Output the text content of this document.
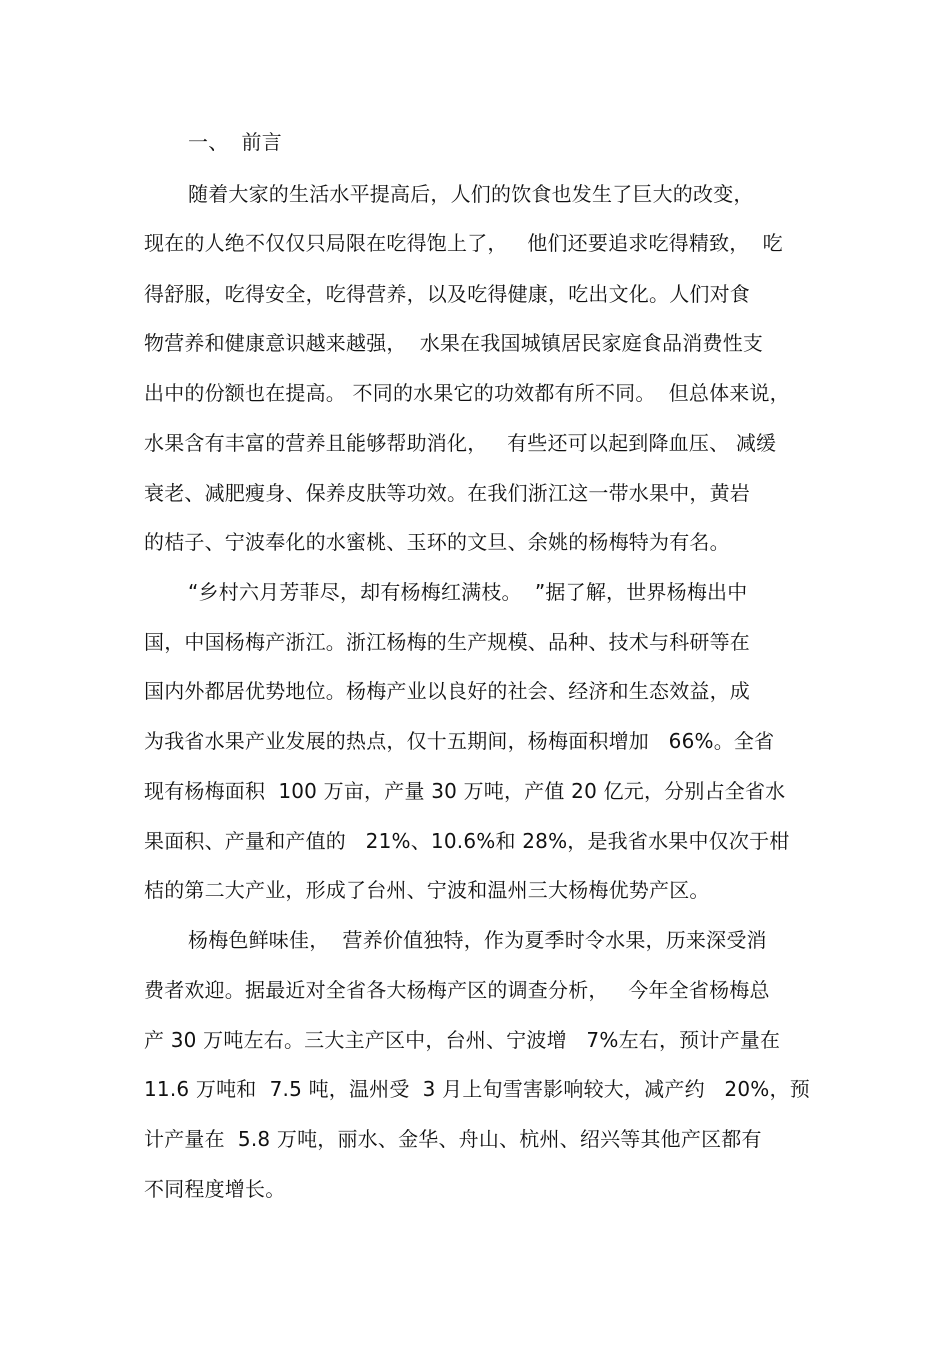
一、  前言
随着大家的生活水平提高后，人们的饮食也发生了巨大的改变，
现在的人绝不仅仅只局限在吃得饱上了，   他们还要追求吃得精致，  吃
得舒服，吃得安全，吃得营养，以及吃得健康，吃出文化。人们对食
物营养和健康意识越来越强，  水果在我国城镇居民家庭食品消费性支
出中的份额也在提高。 不同的水果它的功效都有所不同。  但总体来说，
水果含有丰富的营养且能够帮助消化，   有些还可以起到降血压、 减缓
衰老、减肥瘦身、保养皮肤等功效。在我们浙江这一带水果中，黄岩
的桔子、宁波奉化的水蜜桃、玉环的文旦、余姚的杨梅特为有名。
“乡村六月芳菲尽，却有杨梅红满枝。  ”据了解，世界杨梅出中
国，中国杨梅产浙江。浙江杨梅的生产规模、品种、技术与科研等在
国内外都居优势地位。杨梅产业以良好的社会、经济和生态效益，成
为我省水果产业发展的热点，仅十五期间，杨梅面积增加   66%。全省
现有杨梅面积  100 万亩，产量 30 万吨，产值 20 亿元，分别占全省水
果面积、产量和产值的   21%、10.6%和 28%，是我省水果中仅次于柑
桔的第二大产业，形成了台州、宁波和温州三大杨梅优势产区。
杨梅色鲜味佳，  营养价值独特，作为夏季时令水果，历来深受消
费者欢迎。据最近对全省各大杨梅产区的调查分析，   今年全省杨梅总
产 30 万吨左右。三大主产区中，台州、宁波增   7%左右，预计产量在
11.6 万吨和  7.5 吨，温州受  3 月上旬雪害影响较大，减产约   20%，预
计产量在  5.8 万吨，丽水、金华、舟山、杭州、绍兴等其他产区都有
不同程度增长。
